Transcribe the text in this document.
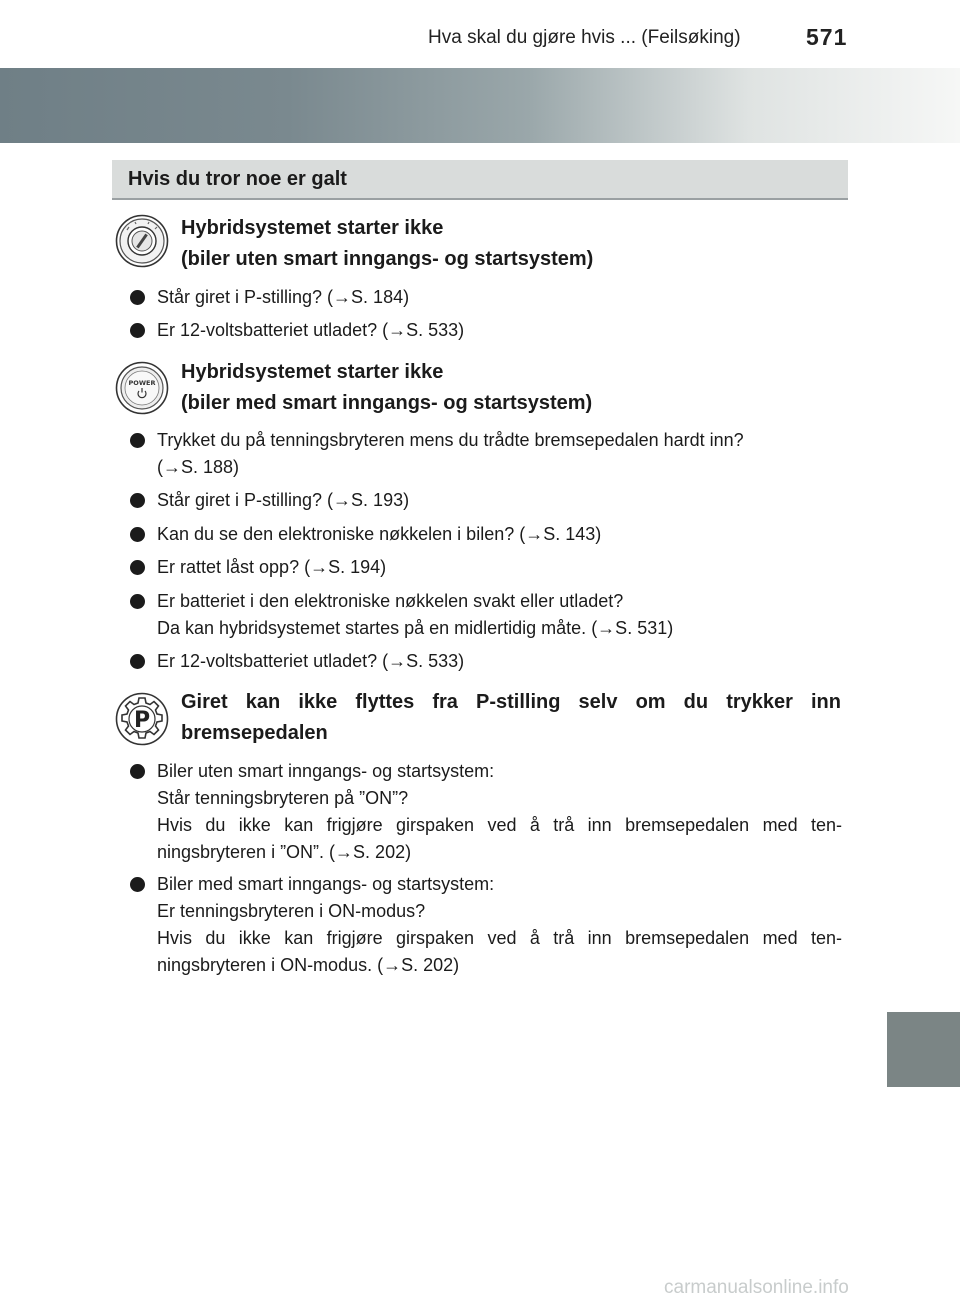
Hva skal du gjøre hvis ... (Feilsøking)	571
Hvis du tror noe er galt
Hybridsystemet starter ikke
(biler uten smart inngangs- og startsystem)
Står giret i P-stilling? (→S. 184)
Er 12-voltsbatteriet utladet? (→S. 533)
POWER Hybridsystemet starter ikke
(biler med smart inngangs- og startsystem)
Trykket du på tenningsbryteren mens du trådte bremsepedalen hardt inn?
(→S. 188)
Står giret i P-stilling? (→S. 193)
Kan du se den elektroniske nøkkelen i bilen? (→S. 143)
Er rattet låst opp? (→S. 194)
Er batteriet i den elektroniske nøkkelen svakt eller utladet?
Da kan hybridsystemet startes på en midlertidig måte. (→S. 531)
Er 12-voltsbatteriet utladet? (→S. 533)
P
Giret kan ikke flyttes fra P-stilling selv om du trykker inn
bremsepedalen
Biler uten smart inngangs- og startsystem:
Står tenningsbryteren på ”ON”?
Hvis du ikke kan frigjøre girspaken ved å trå inn bremsepedalen med ten-
ningsbryteren i ”ON”. (→S. 202)
Biler med smart inngangs- og startsystem:
Er tenningsbryteren i ON-modus?
Hvis du ikke kan frigjøre girspaken ved å trå inn bremsepedalen med ten-
ningsbryteren i ON-modus. (→S. 202)
carmanualsonline.info
